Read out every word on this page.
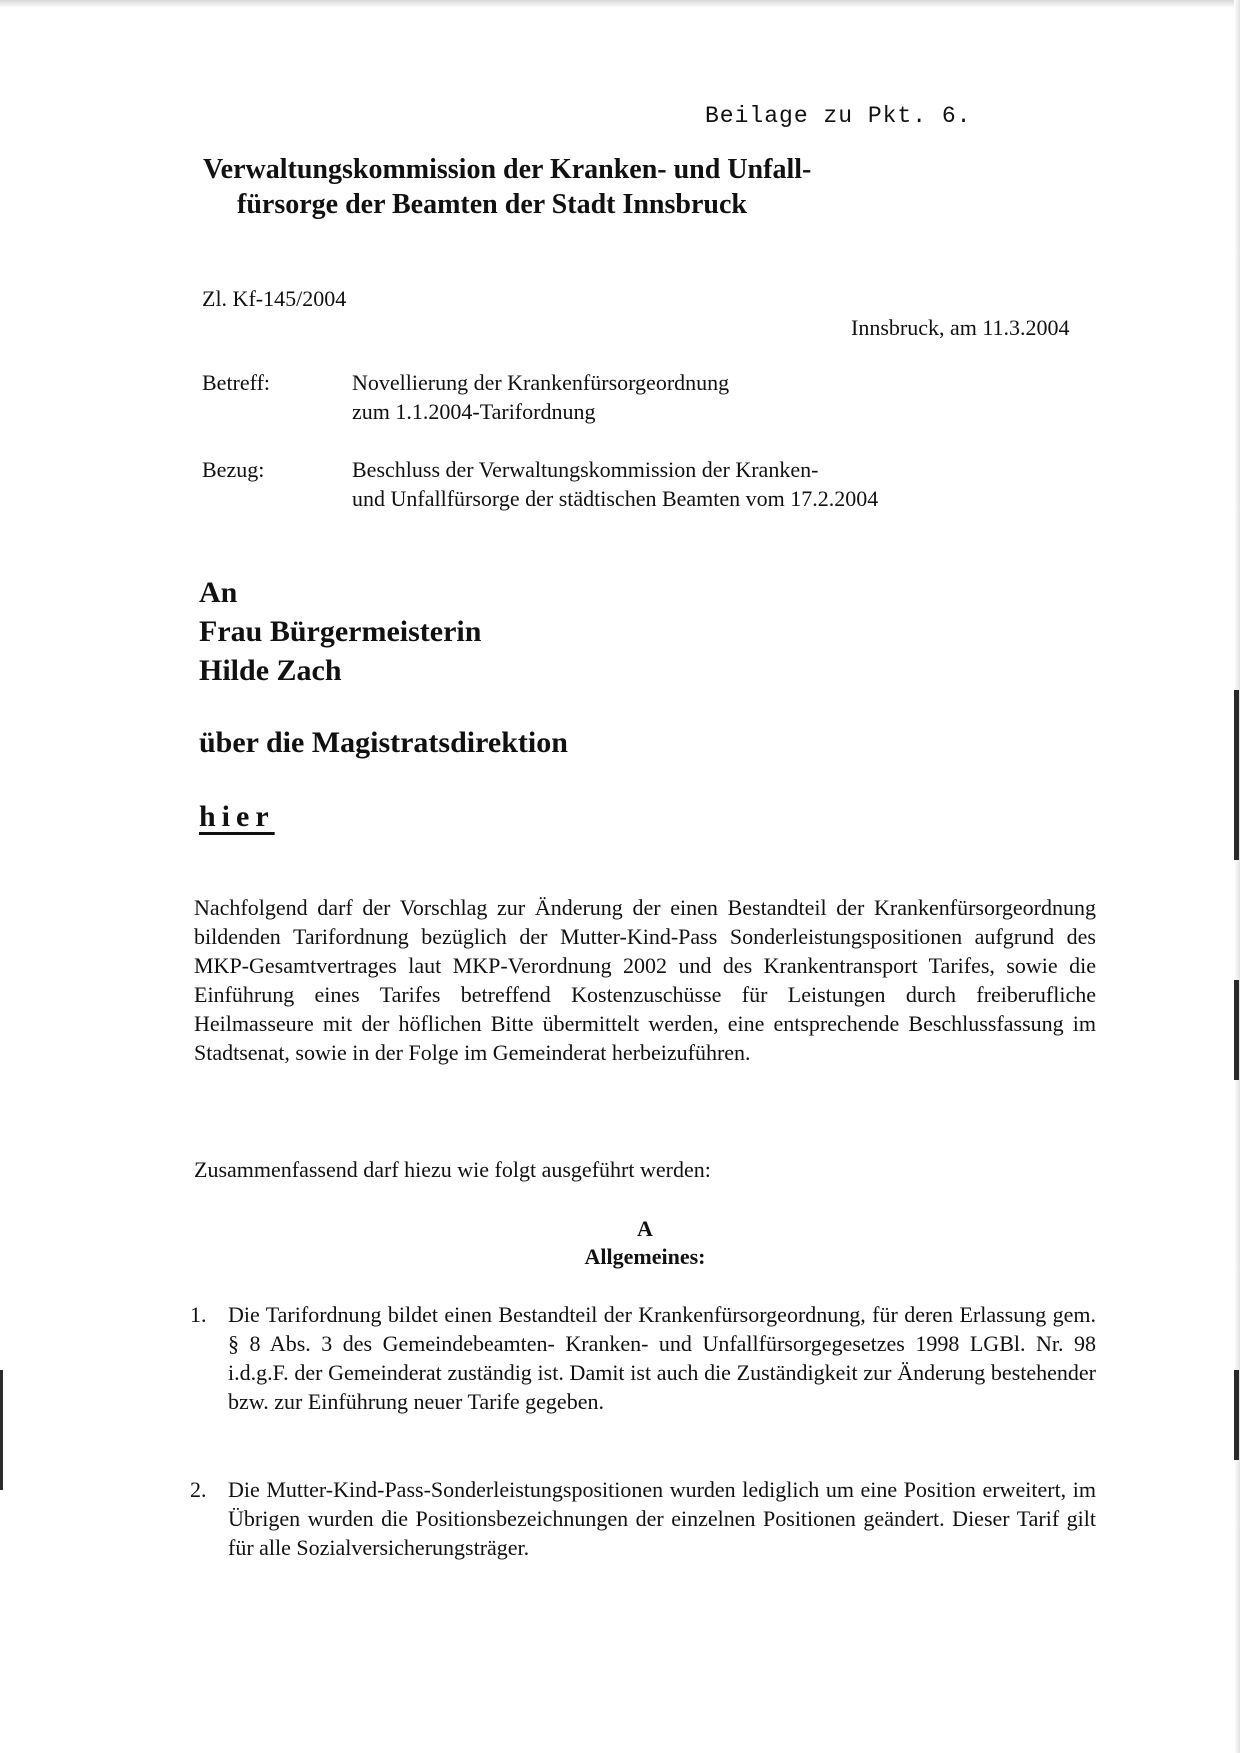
Beilage zu Pkt. 6.
Verwaltungskommission der Kranken- und Unfall-
fürsorge der Beamten der Stadt Innsbruck
Zl. Kf-145/2004
Innsbruck, am 11.3.2004
Betreff:	Novellierung der Krankenfürsorgeordnung
zum 1.1.2004-Tarifordnung
Bezug:	Beschluss der Verwaltungskommission der Kranken-
und Unfallfürsorge der städtischen Beamten vom 17.2.2004
An
Frau Bürgermeisterin
Hilde Zach
über die Magistratsdirektion
hier

Nachfolgend darf der Vorschlag zur Änderung der einen Bestandteil der Krankenfürsorgeordnung bildenden Tarifordnung bezüglich der Mutter-Kind-Pass Sonderleistungspositionen aufgrund des MKP-Gesamtvertrages laut MKP-Verordnung 2002 und des Krankentransport Tarifes, sowie die Einführung eines Tarifes betreffend Kostenzuschüsse für Leistungen durch freiberufliche Heilmasseure mit der höflichen Bitte übermittelt werden, eine entsprechende Beschlussfassung im Stadtsenat, sowie in der Folge im Gemeinderat herbeizuführen.

Zusammenfassend darf hiezu wie folgt ausgeführt werden:

A
Allgemeines:
1. Die Tarifordnung bildet einen Bestandteil der Krankenfürsorgeordnung, für deren Erlassung gem. § 8 Abs. 3 des Gemeindebeamten- Kranken- und Unfallfürsorgegesetzes 1998 LGBl. Nr. 98 i.d.g.F. der Gemeinderat zuständig ist. Damit ist auch die Zuständigkeit zur Änderung bestehender bzw. zur Einführung neuer Tarife gegeben.
2. Die Mutter-Kind-Pass-Sonderleistungspositionen wurden lediglich um eine Position erweitert, im Übrigen wurden die Positionsbezeichnungen der einzelnen Positionen geändert. Dieser Tarif gilt für alle Sozialversicherungsträger.
